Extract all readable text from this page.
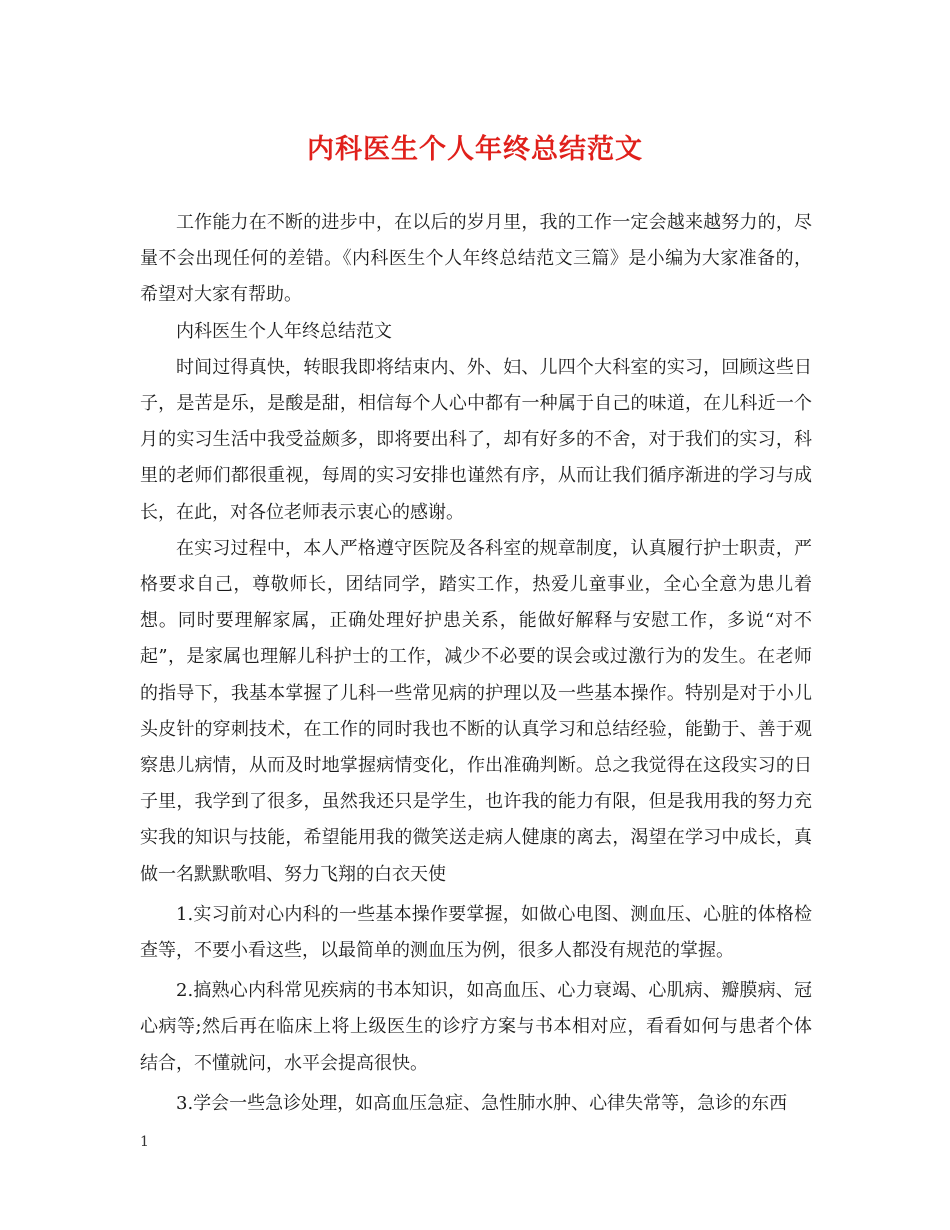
内科医生个人年终总结范文

工作能力在不断的进步中，在以后的岁月里，我的工作一定会越来越努力的，尽量不会出现任何的差错。《内科医生个人年终总结范文三篇》是小编为大家准备的，希望对大家有帮助。

内科医生个人年终总结范文

时间过得真快，转眼我即将结束内、外、妇、儿四个大科室的实习，回顾这些日子，是苦是乐，是酸是甜，相信每个人心中都有一种属于自己的味道，在儿科近一个月的实习生活中我受益颇多，即将要出科了，却有好多的不舍，对于我们的实习，科里的老师们都很重视，每周的实习安排也谨然有序，从而让我们循序渐进的学习与成长，在此，对各位老师表示衷心的感谢。

在实习过程中，本人严格遵守医院及各科室的规章制度，认真履行护士职责，严格要求自己，尊敬师长，团结同学，踏实工作，热爱儿童事业，全心全意为患儿着想。同时要理解家属，正确处理好护患关系，能做好解释与安慰工作，多说“对不起”，是家属也理解儿科护士的工作，减少不必要的误会或过激行为的发生。在老师的指导下，我基本掌握了儿科一些常见病的护理以及一些基本操作。特别是对于小儿头皮针的穿刺技术，在工作的同时我也不断的认真学习和总结经验，能勤于、善于观察患儿病情，从而及时地掌握病情变化，作出准确判断。总之我觉得在这段实习的日子里，我学到了很多，虽然我还只是学生，也许我的能力有限，但是我用我的努力充实我的知识与技能，希望能用我的微笑送走病人健康的离去，渴望在学习中成长，真做一名默默歌唱、努力飞翔的白衣天使

1.实习前对心内科的一些基本操作要掌握，如做心电图、测血压、心脏的体格检查等，不要小看这些，以最简单的测血压为例，很多人都没有规范的掌握。

2.搞熟心内科常见疾病的书本知识，如高血压、心力衰竭、心肌病、瓣膜病、冠心病等;然后再在临床上将上级医生的诊疗方案与书本相对应，看看如何与患者个体结合，不懂就问，水平会提高很快。

3.学会一些急诊处理，如高血压急症、急性肺水肿、心律失常等，急诊的东西

1
